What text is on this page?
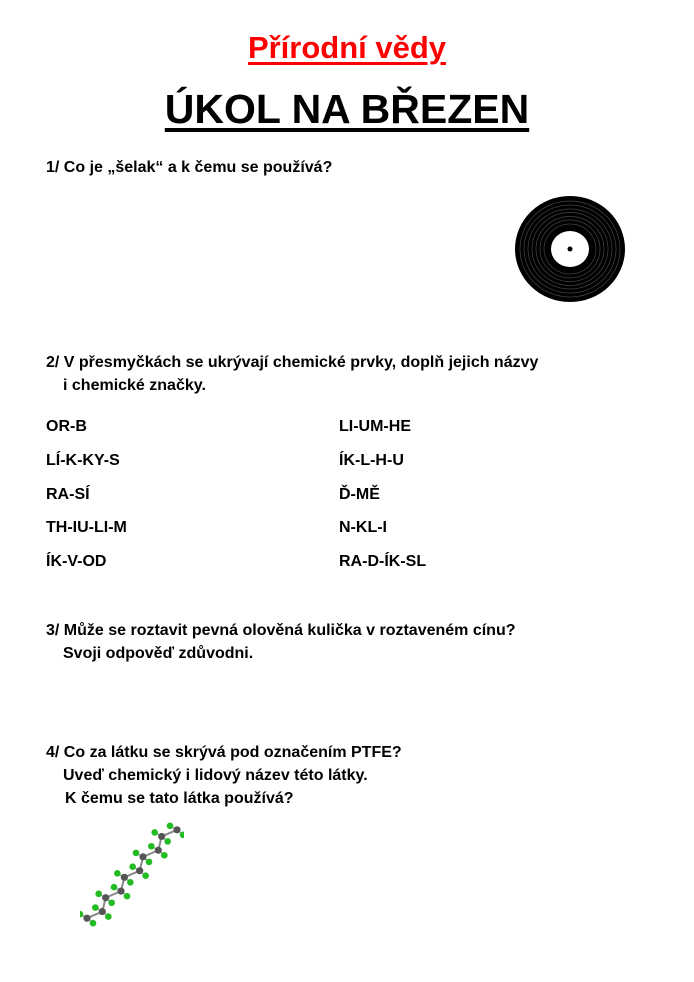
Přírodní vědy
ÚKOL NA BŘEZEN
1/ Co je „šelak“ a k čemu se používá?
2/ V přesmyčkách se ukrývají chemické prvky, doplň jejich názvy
i chemické značky.
OR-B
LÍ-K-KY-S
RA-SÍ
TH-IU-LI-M
ÍK-V-OD
LI-UM-HE
ÍK-L-H-U
Ď-MĚ
N-KL-I
RA-D-ÍK-SL
3/ Může se roztavit pevná olověná kulička v roztaveném cínu?
Svoji odpověď zdůvodni.
4/ Co za látku se skrývá pod označením PTFE?
Uveď chemický i lidový název této látky.
K čemu se tato látka používá?
